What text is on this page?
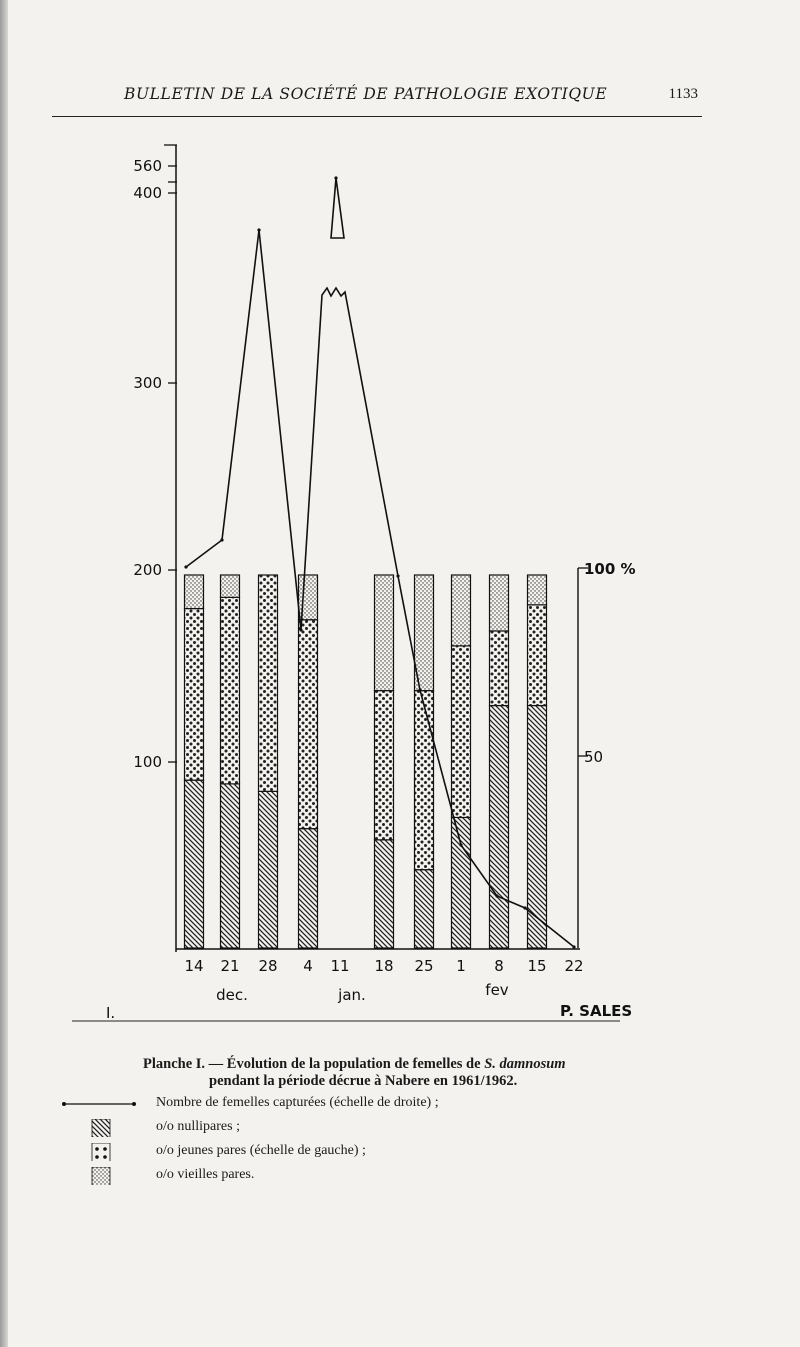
BULLETIN DE LA SOCIÉTÉ DE PATHOLOGIE EXOTIQUE	1133
100
200
300
400
560
100 %
50
14 21 28 4 11 18 25 1 8 15 22
dec.	jan.	fev
I.	P. SALES
Planche I. — Évolution de la population de femelles de S. damnosum
pendant la période décrue à Nabere en 1961/1962.
Nombre de femelles capturées (échelle de droite) ;
o/o nullipares ;
o/o jeunes pares (échelle de gauche) ;
o/o vieilles pares.
